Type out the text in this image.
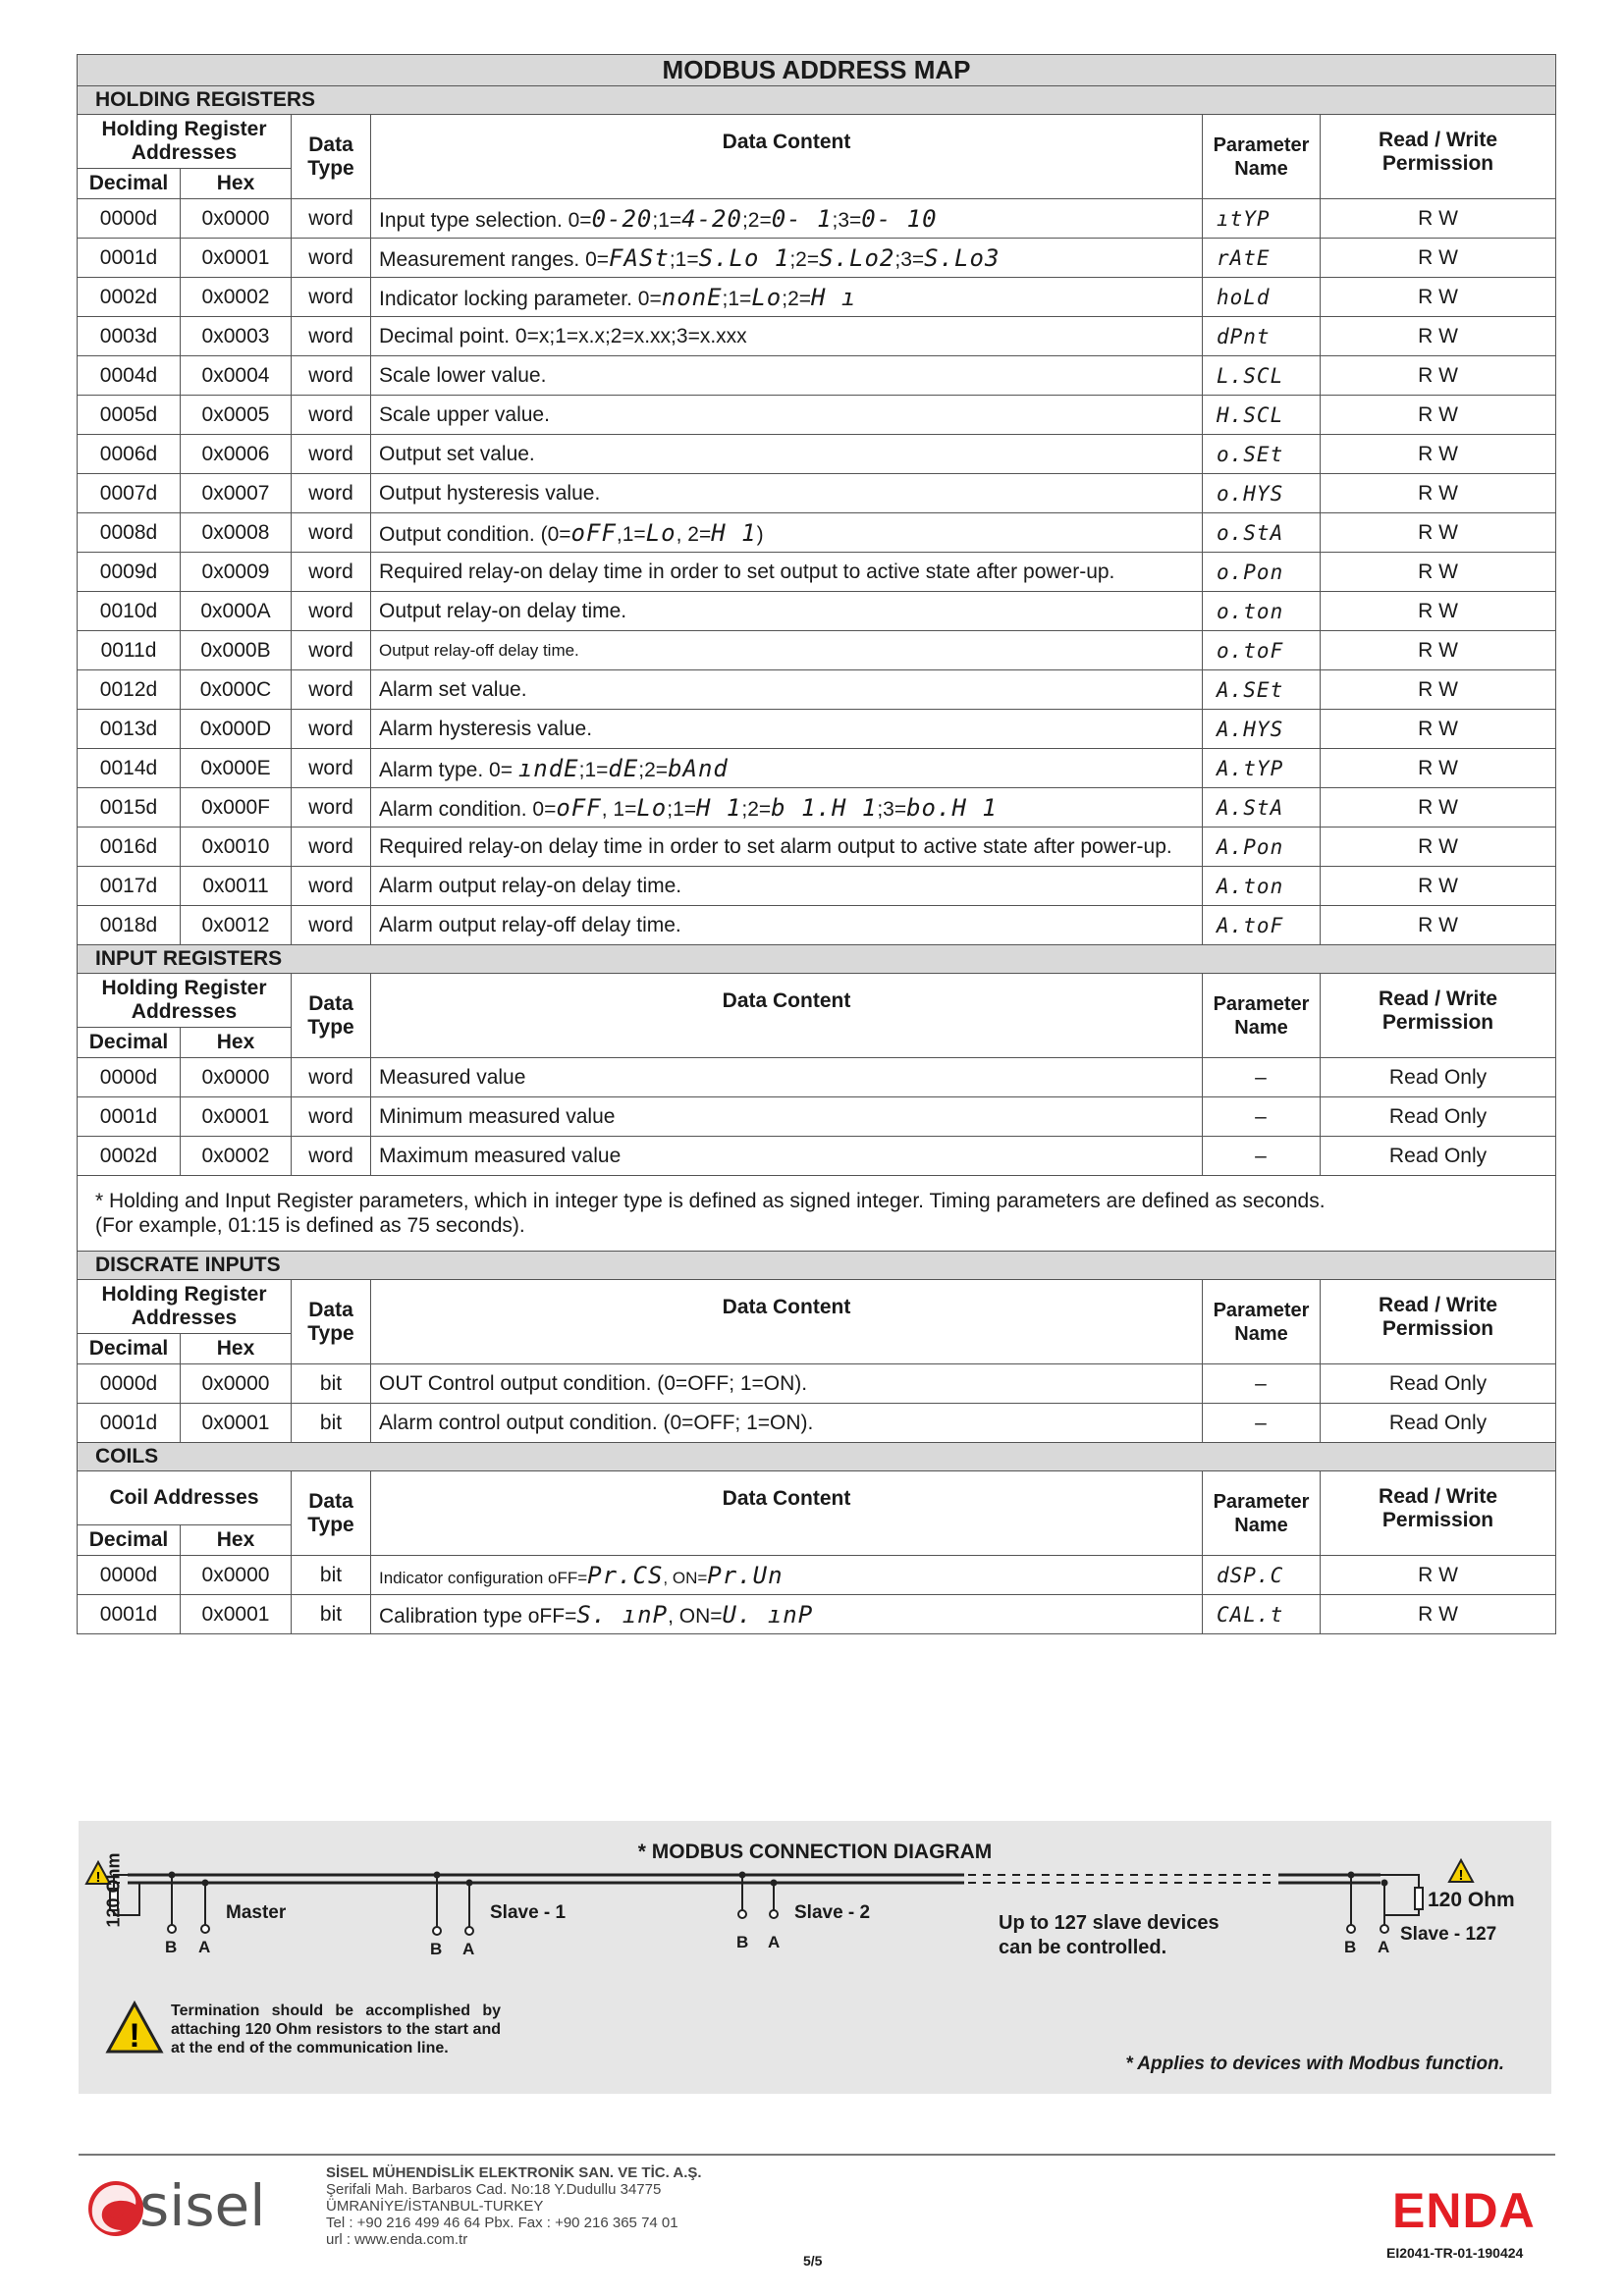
MODBUS ADDRESS MAP					
HOLDING REGISTERS					
Holding Register Addresses		Data Type	Data Content	Parameter Name	Read / Write Permission
Decimal	Hex				
0000d	0x0000	word	Input type selection. 0=0-20;1=4-20;2=0- 1;3=0- 10	ıtYP	R W
0001d	0x0001	word	Measurement ranges. 0=FASt;1=S.Lo 1;2=S.Lo2;3=S.Lo3	rAtE	R W
0002d	0x0002	word	Indicator locking parameter. 0=nonE;1=Lo;2=H ı	hoLd	R W
0003d	0x0003	word	Decimal point. 0=x;1=x.x;2=x.xx;3=x.xxx	dPnt	R W
0004d	0x0004	word	Scale lower value.	L.SCL	R W
0005d	0x0005	word	Scale upper value.	H.SCL	R W
0006d	0x0006	word	Output set value.	o.SEt	R W
0007d	0x0007	word	Output hysteresis value.	o.HYS	R W
0008d	0x0008	word	Output condition. (0=oFF,1=Lo, 2=H 1)	o.StA	R W
0009d	0x0009	word	Required relay-on delay time in order to set output to active state after power-up.	o.Pon	R W
0010d	0x000A	word	Output relay-on delay time.	o.ton	R W
0011d	0x000B	word	Output relay-off delay time.	o.toF	R W
0012d	0x000C	word	Alarm set value.	A.SEt	R W
0013d	0x000D	word	Alarm hysteresis value.	A.HYS	R W
0014d	0x000E	word	Alarm type. 0= ındE;1=dE;2=bAnd	A.tYP	R W
0015d	0x000F	word	Alarm condition. 0=oFF, 1=Lo;1=H 1;2=b 1.H 1;3=bo.H 1	A.StA	R W
0016d	0x0010	word	Required relay-on delay time in order to set alarm output to active state after power-up.	A.Pon	R W
0017d	0x0011	word	Alarm output relay-on delay time.	A.ton	R W
0018d	0x0012	word	Alarm output relay-off delay time.	A.toF	R W
INPUT REGISTERS					
Holding Register Addresses		Data Type	Data Content	Parameter Name	Read / Write Permission
Decimal	Hex				
0000d	0x0000	word	Measured value	–	Read Only
0001d	0x0001	word	Minimum measured value	–	Read Only
0002d	0x0002	word	Maximum measured value	–	Read Only

* Holding and Input Register parameters, which in integer type is defined as signed integer. Timing parameters are defined as seconds.
(For example, 01:15 is defined as 75 seconds).					

DISCRATE INPUTS					
Holding Register Addresses		Data Type	Data Content	Parameter Name	Read / Write Permission
Decimal	Hex				
0000d	0x0000	bit	OUT Control output condition. (0=OFF; 1=ON).	–	Read Only
0001d	0x0001	bit	Alarm control output condition. (0=OFF; 1=ON).	–	Read Only
COILS					
Coil Addresses		Data Type	Data Content	Parameter Name	Read / Write Permission
Decimal	Hex				
0000d	0x0000	bit	Indicator configuration oFF=Pr.CS, ON=Pr.Un	dSP.C	R W
0001d	0x0001	bit	Calibration type oFF=S. ınP, ON=U. ınP	CAL.t	R W
* MODBUS CONNECTION DIAGRAM
!	!
!
120 Ohm	120 Ohm
Master	Slave - 1	Slave - 2
Slave - 127
B A	B A	B A	B A
Up to 127 slave devices
can be controlled.
Termination should be accomplished by attaching 120 Ohm resistors to the start and at the end of the communication line.
* Applies to devices with Modbus function.
sisel	SİSEL MÜHENDİSLİK ELEKTRONİK SAN. VE TİC. A.Ş.
Şerifali Mah. Barbaros Cad. No:18 Y.Dudullu 34775
ÜMRANİYE/İSTANBUL-TURKEY
Tel : +90 216 499 46 64 Pbx. Fax : +90 216 365 74 01
url : www.enda.com.tr
5/5
ENDA
EI2041-TR-01-190424
